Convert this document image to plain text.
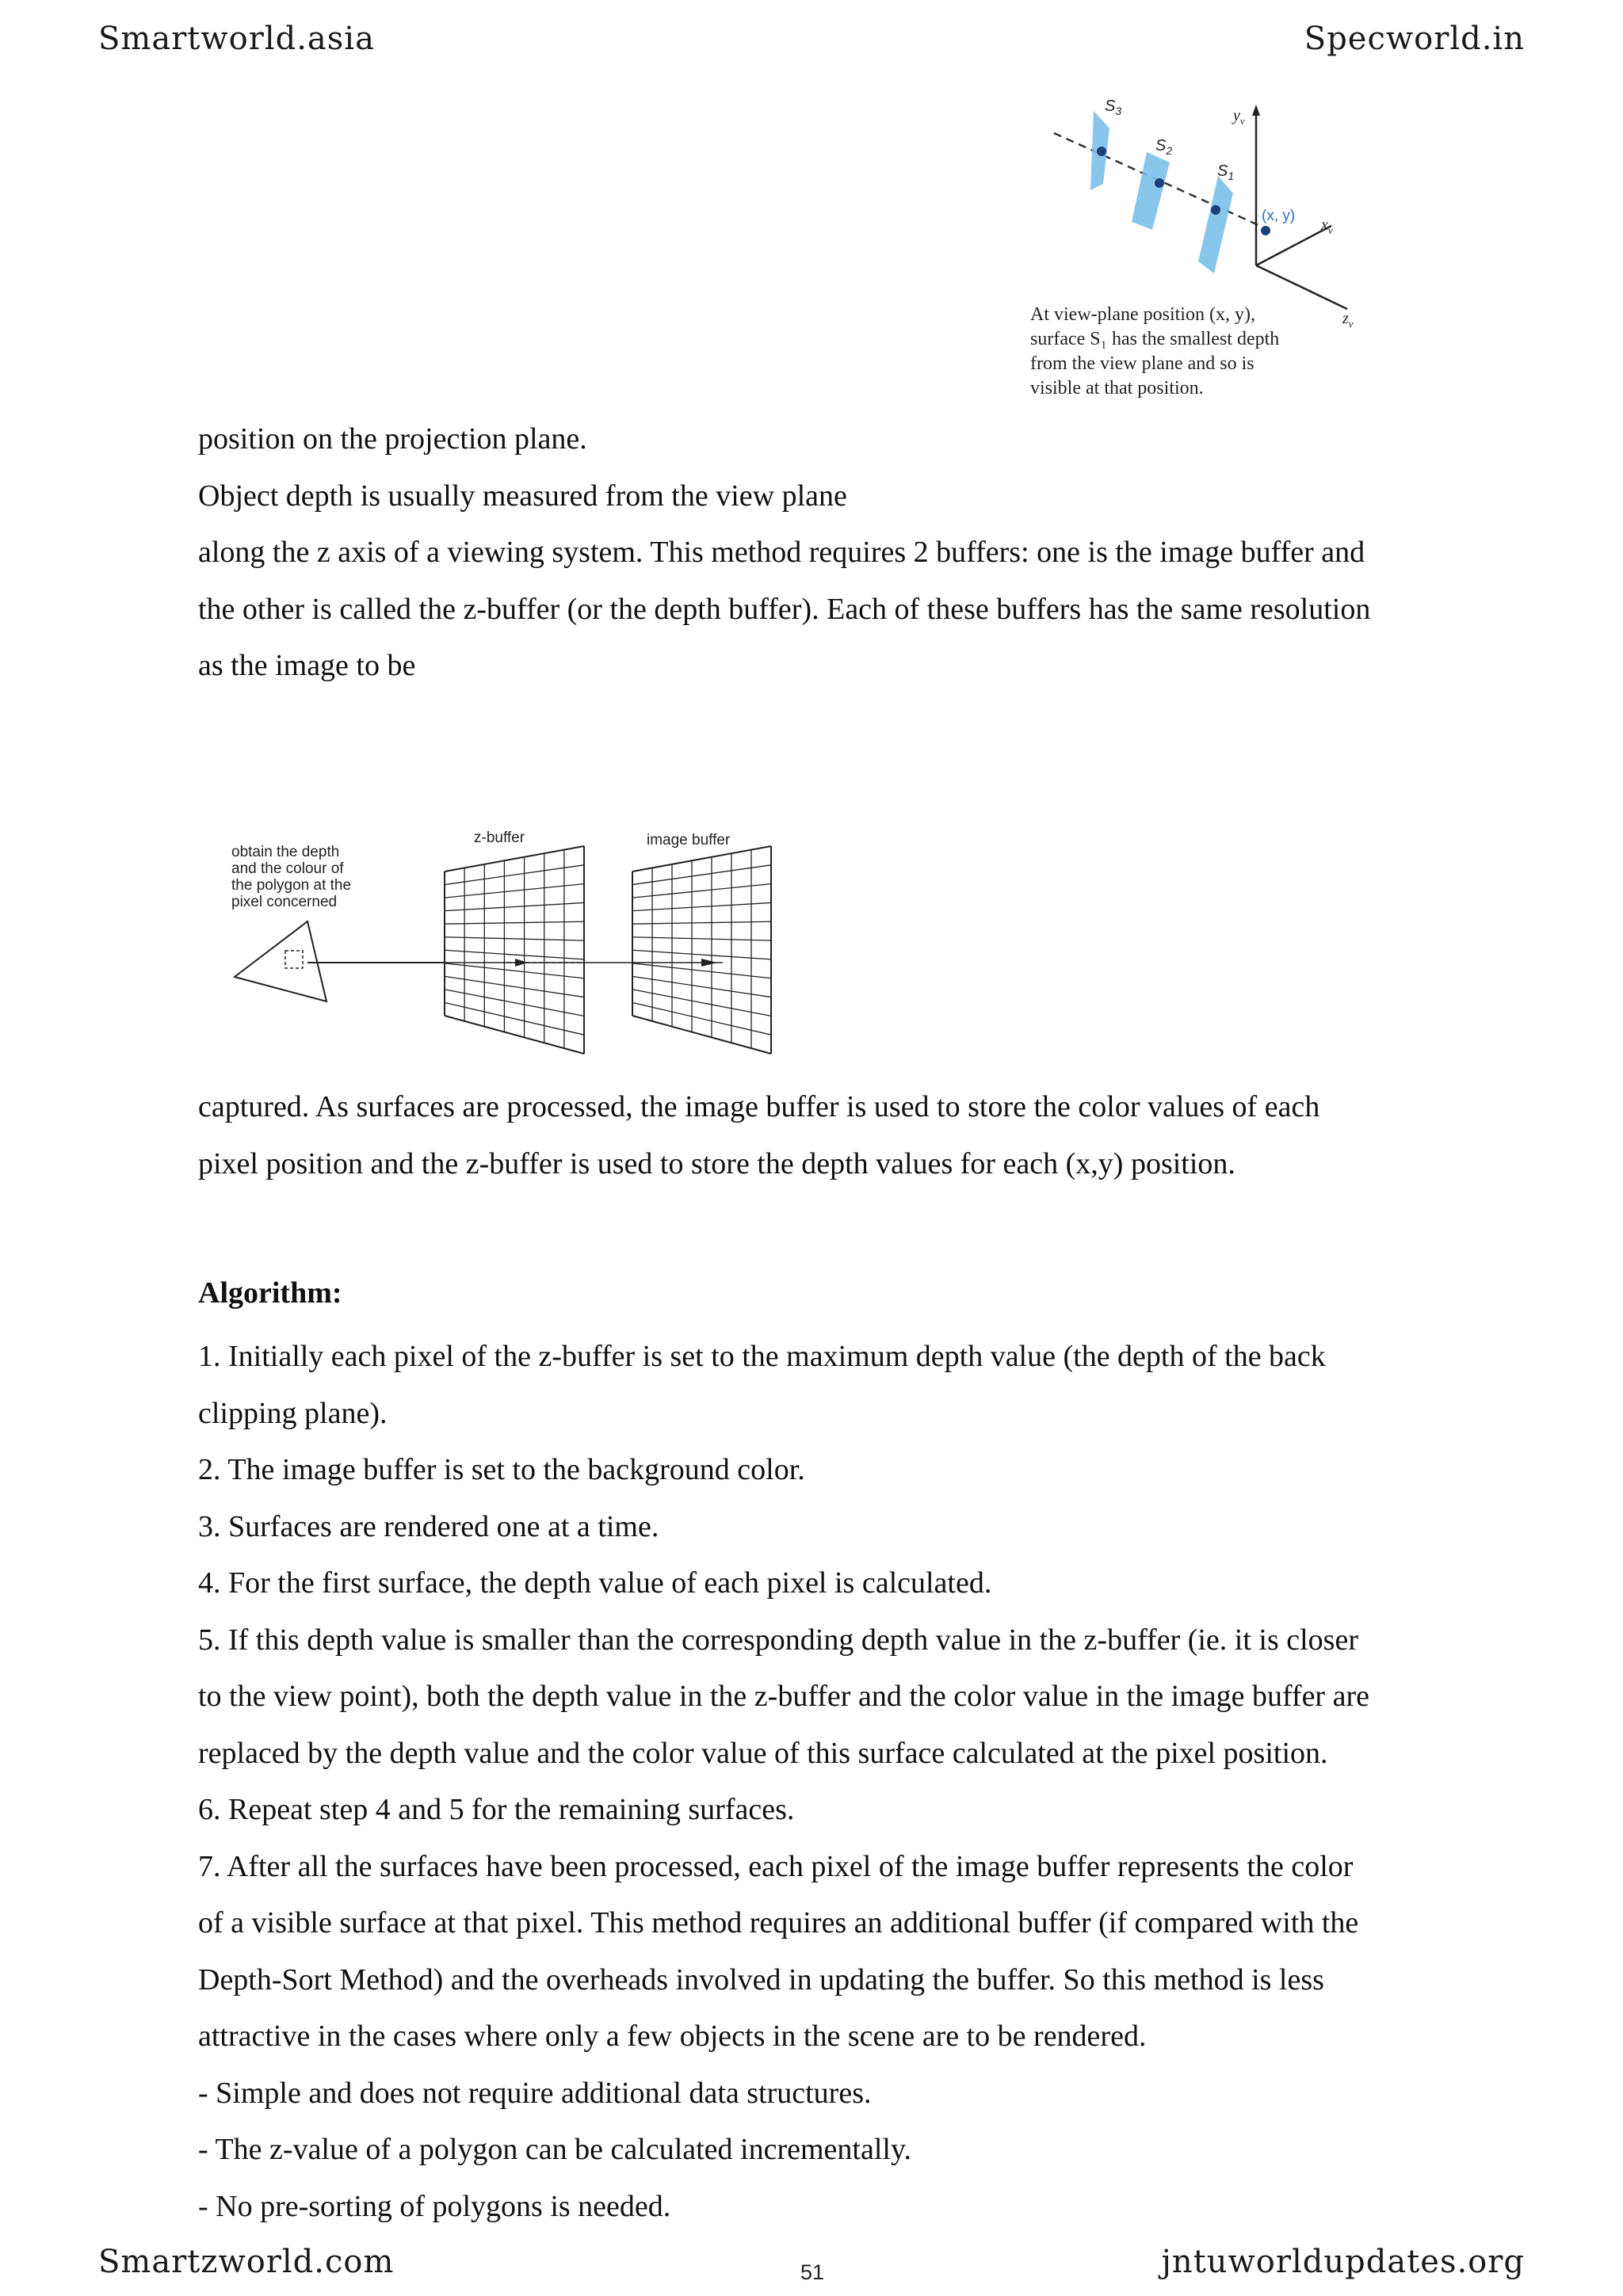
Smartworld.asia	Specworld.in
$S_3$
$S_2$
$S_1$
$y_v$
$x_v$
$z_v$
(x, y)
At view-plane position (x, y),
surface S₁ has the smallest depth
from the view plane and so is
visible at that position.
position on the projection plane.
Object depth is usually measured from the view plane
along the z axis of a viewing system. This method requires 2 buffers: one is the image buffer and
the other is called the z-buffer (or the depth buffer). Each of these buffers has the same resolution
as the image to be
obtain the depth
and the colour of
the polygon at the
pixel concerned
z-buffer	image buffer
captured. As surfaces are processed, the image buffer is used to store the color values of each
pixel position and the z-buffer is used to store the depth values for each (x,y) position.
Algorithm:

1. Initially each pixel of the z-buffer is set to the maximum depth value (the depth of the back

clipping plane).

2. The image buffer is set to the background color.

3. Surfaces are rendered one at a time.

4. For the first surface, the depth value of each pixel is calculated.

5. If this depth value is smaller than the corresponding depth value in the z-buffer (ie. it is closer

to the view point), both the depth value in the z-buffer and the color value in the image buffer are

replaced by the depth value and the color value of this surface calculated at the pixel position.

6. Repeat step 4 and 5 for the remaining surfaces.

7. After all the surfaces have been processed, each pixel of the image buffer represents the color

of a visible surface at that pixel. This method requires an additional buffer (if compared with the

Depth-Sort Method) and the overheads involved in updating the buffer. So this method is less

attractive in the cases where only a few objects in the scene are to be rendered.

- Simple and does not require additional data structures.

- The z-value of a polygon can be calculated incrementally.

- No pre-sorting of polygons is needed.

Smartzworld.com	51	jntuworldupdates.org
